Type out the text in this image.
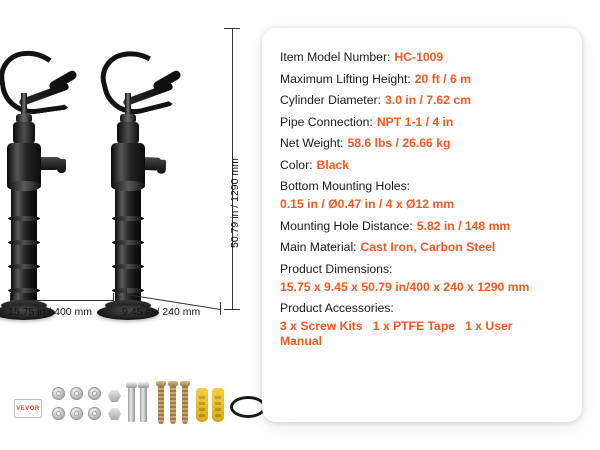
50.79 in / 1290 mm
15.75 in / 400 mm	9.45 in / 240 mm
VEVOR
Item Model Number: HC-1009
Maximum Lifting Height: 20 ft / 6 m
Cylinder Diameter: 3.0 in / 7.62 cm
Pipe Connection: NPT 1-1 / 4 in
Net Weight: 58.6 lbs / 26.66 kg
Color: Black
Bottom Mounting Holes:
0.15 in / Ø0.47 in / 4 x Ø12 mm
Mounting Hole Distance: 5.82 in / 148 mm
Main Material: Cast Iron, Carbon Steel
Product Dimensions:
15.75 x 9.45 x 50.79 in/400 x 240 x 1290 mm
Product Accessories:
3 x Screw Kits 1 x PTFE Tape 1 x User Manual
